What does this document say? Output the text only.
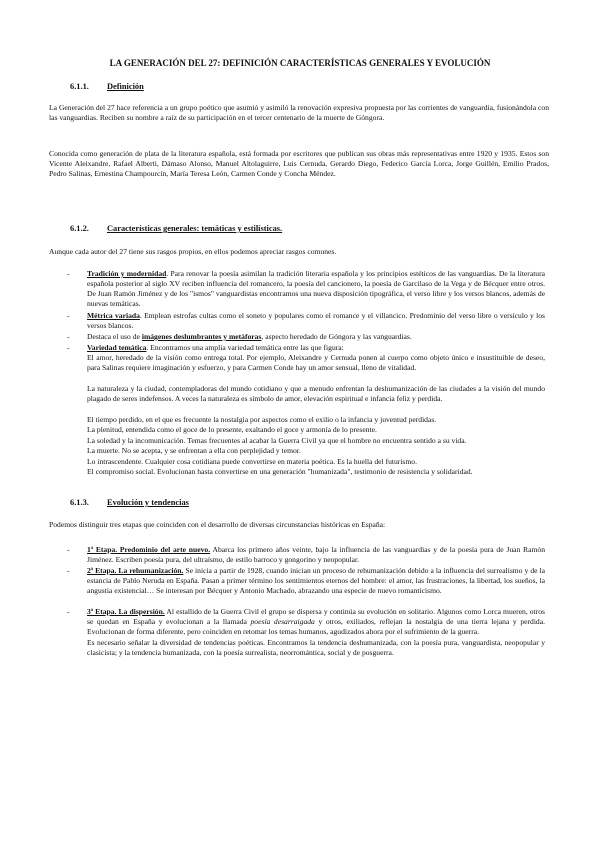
LA GENERACIÓN DEL 27: DEFINICIÓN CARACTERÍSTICAS GENERALES Y EVOLUCIÓN
6.1.1. Definición
La Generación del 27 hace referencia a un grupo poético que asumió y asimiló la renovación expresiva propuesta por las corrientes de vanguardia, fusionándola con las vanguardias. Reciben su nombre a raíz de su participación en el tercer centenario de la muerte de Góngora.
Conocida como generación de plata de la literatura española, está formada por escritores que publican sus obras más representativas entre 1920 y 1935. Estos son Vicente Aleixandre, Rafael Alberti, Dámaso Alonso, Manuel Altolaguirre, Luis Cernuda, Gerardo Diego, Federico García Lorca, Jorge Guillén, Emilio Prados, Pedro Salinas, Ernestina Champourcín, María Teresa León, Carmen Conde y Concha Méndez.
6.1.2. Características generales: temáticas y estilísticas.
Aunque cada autor del 27 tiene sus rasgos propios, en ellos podemos apreciar rasgos comunes.
- Tradición y modernidad. Para renovar la poesía asimilan la tradición literaria española y los principios estéticos de las vanguardias. De la literatura española posterior al siglo XV reciben influencia del romancero, la poesía del cancionero, la poesía de Garcilaso de la Vega y de Bécquer entre otros. De Juan Ramón Jiménez y de los "ismos" vanguardistas encontramos una nueva disposición tipográfica, el verso libre y los versos blancos, además de nuevas temáticas.
- Métrica variada. Emplean estrofas cultas como el soneto y populares como el romance y el villancico. Predominio del verso libre o versículo y los versos blancos.
- Destaca el uso de imágenes deslumbrantes y metáforas, aspecto heredado de Góngora y las vanguardias.
- Variedad temática. Encontramos una amplia variedad temática entre las que figura:
El amor, heredado de la visión como entrega total. Por ejemplo, Aleixandre y Cernuda ponen al cuerpo como objeto único e insustituible de deseo, para Salinas requiere imaginación y esfuerzo, y para Carmen Conde hay un amor sensual, lleno de vitalidad.
La naturaleza y la ciudad, contempladoras del mundo cotidiano y que a menudo enfrentan la deshumanización de las ciudades a la visión del mundo plagado de seres indefensos. A veces la naturaleza es símbolo de amor, elevación espiritual e infancia feliz y perdida.
El tiempo perdido, en el que es frecuente la nostalgia por aspectos como el exilio o la infancia y juventud perdidas.
La plenitud, entendida como el goce de lo presente, exaltando el goce y armonía de lo presente.
La soledad y la incomunicación. Temas frecuentes al acabar la Guerra Civil ya que el hombre no encuentra sentido a su vida.
La muerte. No se acepta, y se enfrentan a ella con perplejidad y temor.
Lo intrascendente. Cualquier cosa cotidiana puede convertirse en materia poética. Es la huella del futurismo.
El compromiso social. Evolucionan hasta convertirse en una generación "humanizada", testimonio de resistencia y solidaridad.
6.1.3. Evolución y tendencias
Podemos distinguir tres etapas que coinciden con el desarrollo de diversas circunstancias históricas en España:
- 1ª Etapa. Predominio del arte nuevo. Abarca los primero años veinte, bajo la influencia de las vanguardias y de la poesía pura de Juan Ramón Jiménez. Escriben poesía pura, del ultraísmo, de estilo barroco y gongorino y neopopular.
- 2ª Etapa. La rehumanización. Se inicia a partir de 1928, cuando inician un proceso de rehumanización debido a la influencia del surrealismo y de la estancia de Pablo Neruda en España. Pasan a primer término los sentimientos eternos del hombre: el amor, las frustraciones, la libertad, los sueños, la angustia existencial… Se interesan por Bécquer y Antonio Machado, abrazando una especie de nuevo romanticismo.
- 3ª Etapa. La dispersión. Al estallido de la Guerra Civil el grupo se dispersa y continúa su evolución en solitario. Algunos como Lorca mueren, otros se quedan en España y evolucionan a la llamada poesía desarraigada y otros, exiliados, reflejan la nostalgia de una tierra lejana y perdida. Evolucionan de forma diferente, pero coinciden en retomar los temas humanos, agudizados ahora por el sufrimiento de la guerra.
Es necesario señalar la diversidad de tendencias poéticas. Encontramos la tendencia deshumanizada, con la poesía pura, vanguardista, neopopular y clasicista; y la tendencia humanizada, con la poesía surrealista, neorromántica, social y de posguerra.
